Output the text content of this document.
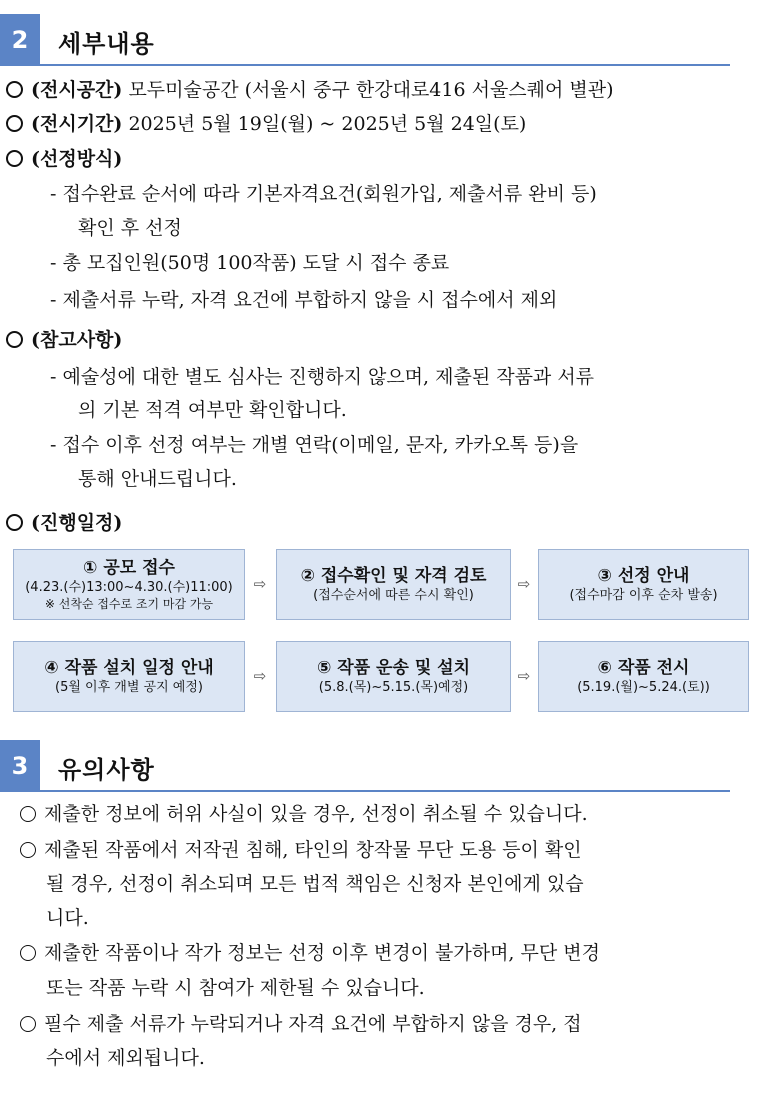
2	세부내용
(전시공간) 모두미술공간 (서울시 중구 한강대로416 서울스퀘어 별관)
(전시기간) 2025년 5월 19일(월) ~ 2025년 5월 24일(토)
(선정방식)
- 접수완료 순서에 따라 기본자격요건(회원가입, 제출서류 완비 등)
확인 후 선정
- 총 모집인원(50명 100작품) 도달 시 접수 종료
- 제출서류 누락, 자격 요건에 부합하지 않을 시 접수에서 제외
(참고사항)
- 예술성에 대한 별도 심사는 진행하지 않으며, 제출된 작품과 서류
의 기본 적격 여부만 확인합니다.
- 접수 이후 선정 여부는 개별 연락(이메일, 문자, 카카오톡 등)을
통해 안내드립니다.
(진행일정)
① 공모 접수
(4.23.(수)13:00~4.30.(수)11:00)
※ 선착순 접수로 조기 마감 가능
⇨ ② 접수확인 및 자격 검토
(접수순서에 따른 수시 확인)
⇨	③ 선정 안내
(접수마감 이후 순차 발송)
④ 작품 설치 일정 안내
(5월 이후 개별 공지 예정)
⇨	⑤ 작품 운송 및 설치
(5.8.(목)~5.15.(목)예정)
⇨	⑥ 작품 전시
(5.19.(월)~5.24.(토))
3	유의사항
제출한 정보에 허위 사실이 있을 경우, 선정이 취소될 수 있습니다.
제출된 작품에서 저작권 침해, 타인의 창작물 무단 도용 등이 확인
될 경우, 선정이 취소되며 모든 법적 책임은 신청자 본인에게 있습
니다.
제출한 작품이나 작가 정보는 선정 이후 변경이 불가하며, 무단 변경
또는 작품 누락 시 참여가 제한될 수 있습니다.
필수 제출 서류가 누락되거나 자격 요건에 부합하지 않을 경우, 접
수에서 제외됩니다.
